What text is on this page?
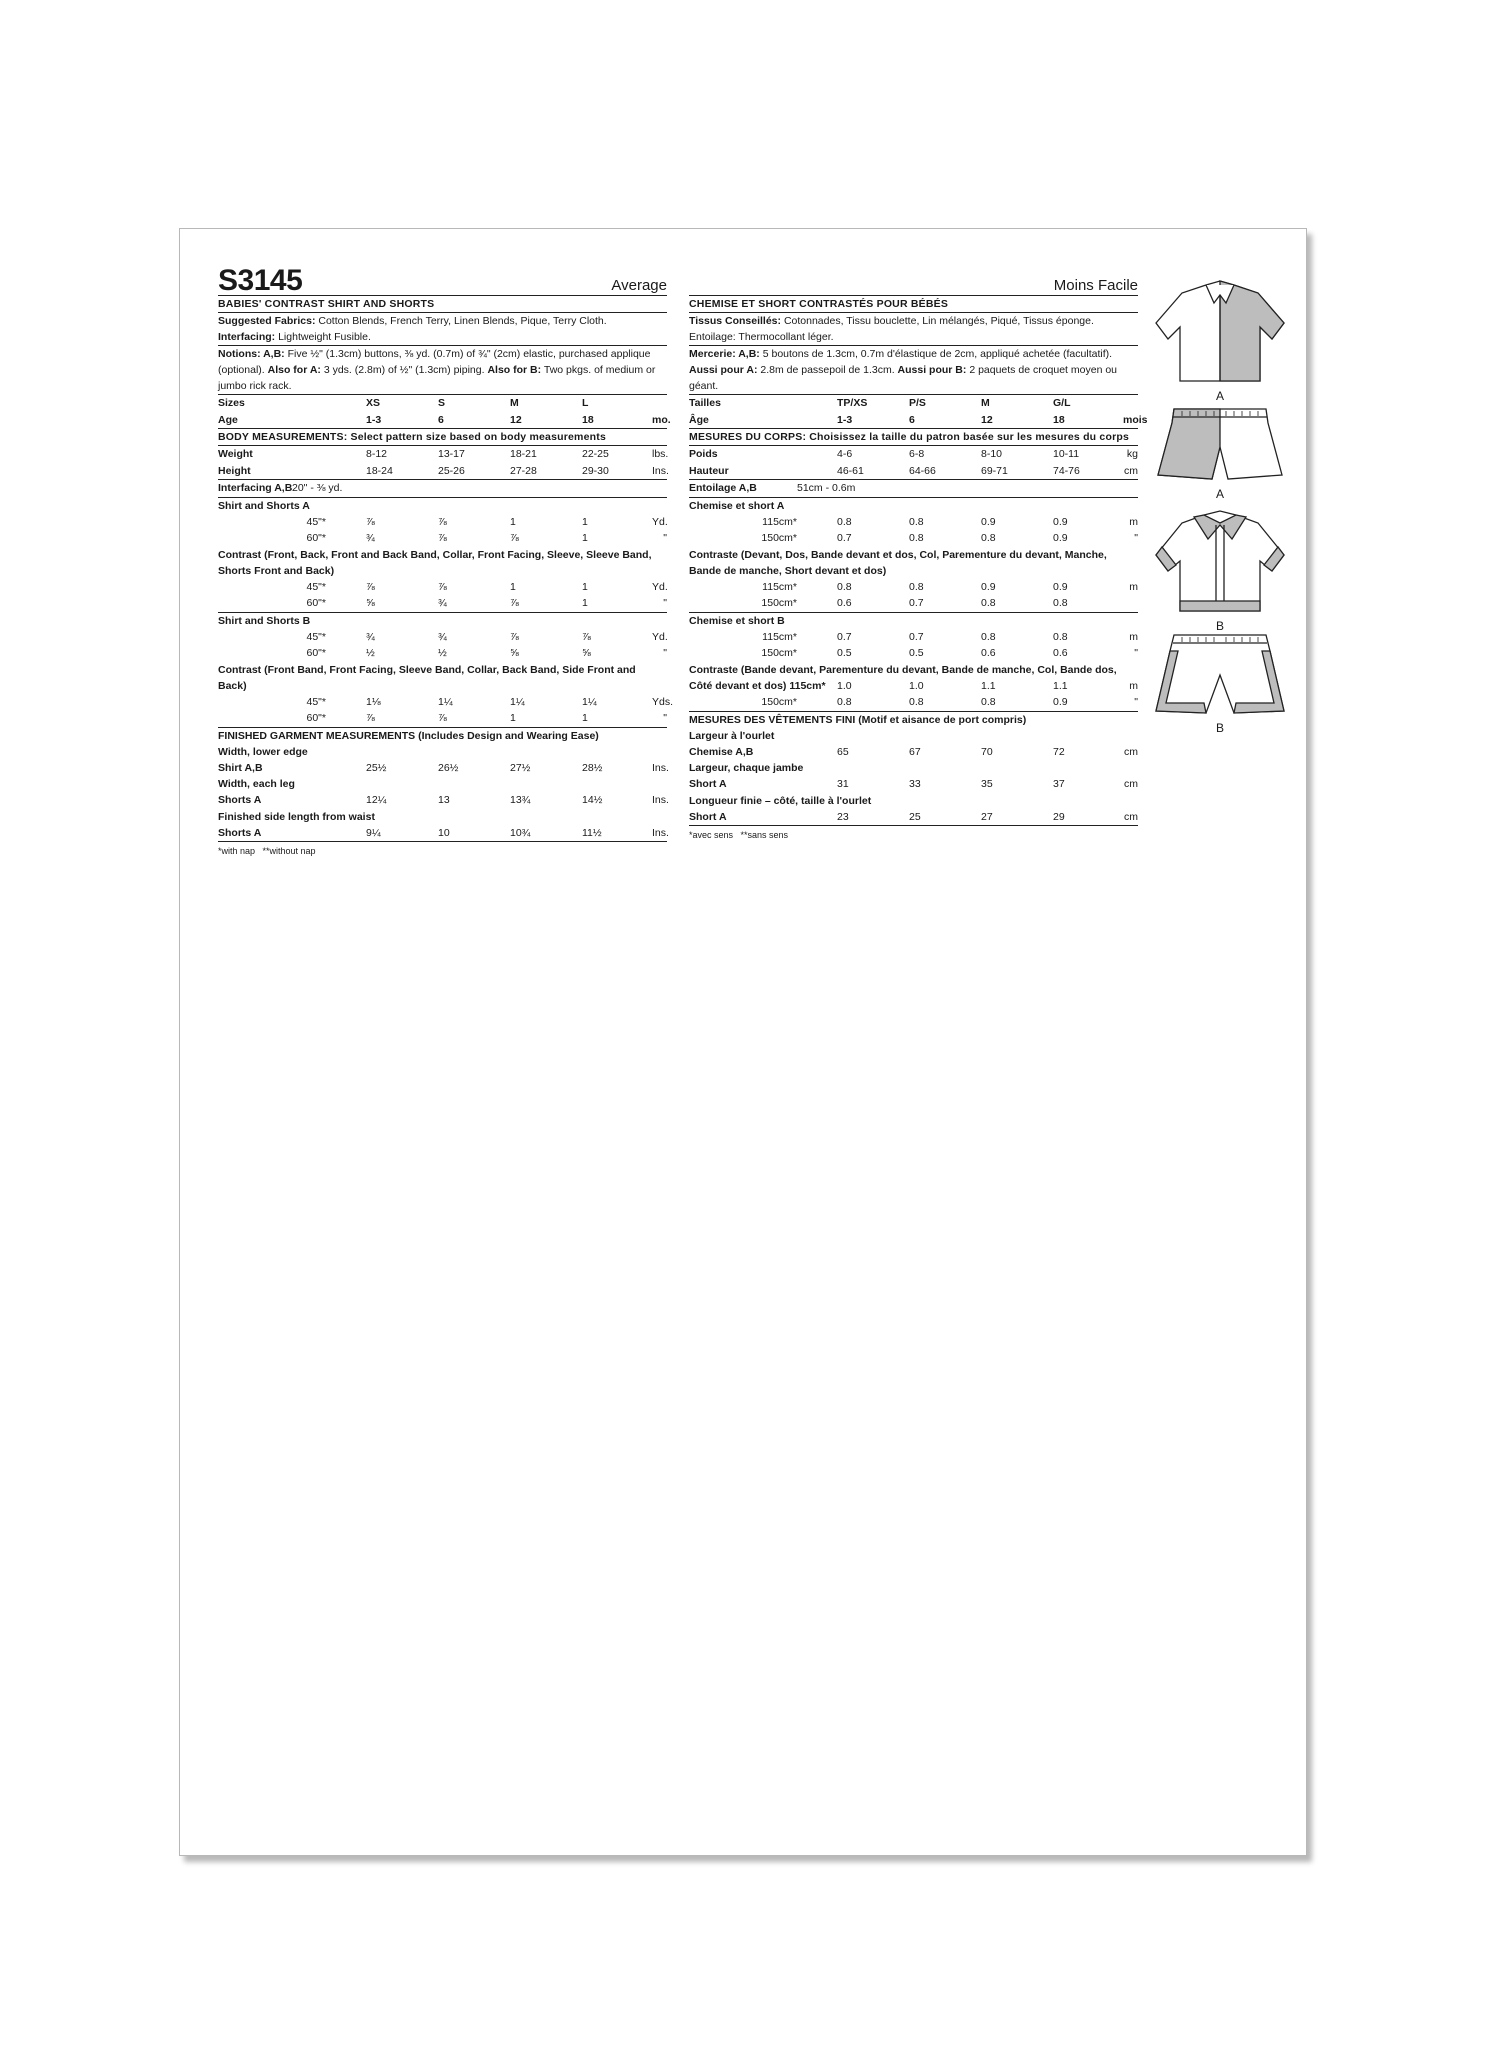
S3145	Average
BABIES' CONTRAST SHIRT AND SHORTS
Suggested Fabrics: Cotton Blends, French Terry, Linen Blends, Pique, Terry Cloth.
Interfacing: Lightweight Fusible.
Notions: A,B: Five ½" (1.3cm) buttons, ⅜ yd. (0.7m) of ¾" (2cm) elastic, purchased applique (optional). Also for A: 3 yds. (2.8m) of ½" (1.3cm) piping. Also for B: Two pkgs. of medium or jumbo rick rack.
Sizes	XS	S	M	L
Age	1-3	6	12	18	mo.
BODY MEASUREMENTS: Select pattern size based on body measurements
Weight	8-12	13-17	18-21	22-25	lbs.
Height	18-24	25-26	27-28	29-30	Ins.
Interfacing A,B 20" - ⅜ yd.
Shirt and Shorts A
45"*	⅞	⅞	1	1	Yd.
60"*	¾	⅞	⅞	1	"
Contrast (Front, Back, Front and Back Band, Collar, Front Facing, Sleeve, Sleeve Band, Shorts Front and Back)
45"*	⅞	⅞	1	1	Yd.
60"*	⅝	¾	⅞	1	"
Shirt and Shorts B
45"*	¾	¾	⅞	⅞	Yd.
60"*	½	½	⅝	⅝	"
Contrast (Front Band, Front Facing, Sleeve Band, Collar, Back Band, Side Front and Back)
45"*	1⅛	1¼	1¼	1¼	Yds.
60"*	⅞	⅞	1	1	"
FINISHED GARMENT MEASUREMENTS (Includes Design and Wearing Ease)
Width, lower edge
Shirt A,B	25½	26½	27½	28½	Ins.
Width, each leg
Shorts A	12¼	13	13¾	14½	Ins.
Finished side length from waist
Shorts A	9¼	10	10¾	11½	Ins.
*with nap   **without nap
Moins Facile
CHEMISE ET SHORT CONTRASTÉS POUR BÉBÉS
Tissus Conseillés: Cotonnades, Tissu bouclette, Lin mélangés, Piqué, Tissus éponge.
Entoilage: Thermocollant léger.
Mercerie: A,B: 5 boutons de 1.3cm, 0.7m d'élastique de 2cm, appliqué achetée (facultatif). Aussi pour A: 2.8m de passepoil de 1.3cm. Aussi pour B: 2 paquets de croquet moyen ou géant.
Tailles	TP/XS	P/S	M	G/L
Âge	1-3	6	12	18	mois
MESURES DU CORPS: Choisissez la taille du patron basée sur les mesures du corps
Poids	4-6	6-8	8-10	10-11	kg
Hauteur	46-61	64-66	69-71	74-76	cm
Entoilage A,B	51cm - 0.6m
Chemise et short A
115cm*	0.8	0.8	0.9	0.9	m
150cm*	0.7	0.8	0.8	0.9	"
Contraste (Devant, Dos, Bande devant et dos, Col, Parementure du devant, Manche, Bande de manche, Short devant et dos)
115cm*	0.8	0.8	0.9	0.9	m
150cm*	0.6	0.7	0.8	0.8
Chemise et short B
115cm*	0.7	0.7	0.8	0.8	m
150cm*	0.5	0.5	0.6	0.6	"
Contraste (Bande devant, Parementure du devant, Bande de manche, Col, Bande dos,
Côté devant et dos) 115cm*	1.0	1.0	1.1	1.1	m
150cm*	0.8	0.8	0.8	0.9	"
MESURES DES VÊTEMENTS FINI (Motif et aisance de port compris)
Largeur à l'ourlet
Chemise A,B	65	67	70	72	cm
Largeur, chaque jambe
Short A	31	33	35	37	cm
Longueur finie – côté, taille à l'ourlet
Short A	23	25	27	29	cm
*avec sens   **sans sens
A
A
B
B
